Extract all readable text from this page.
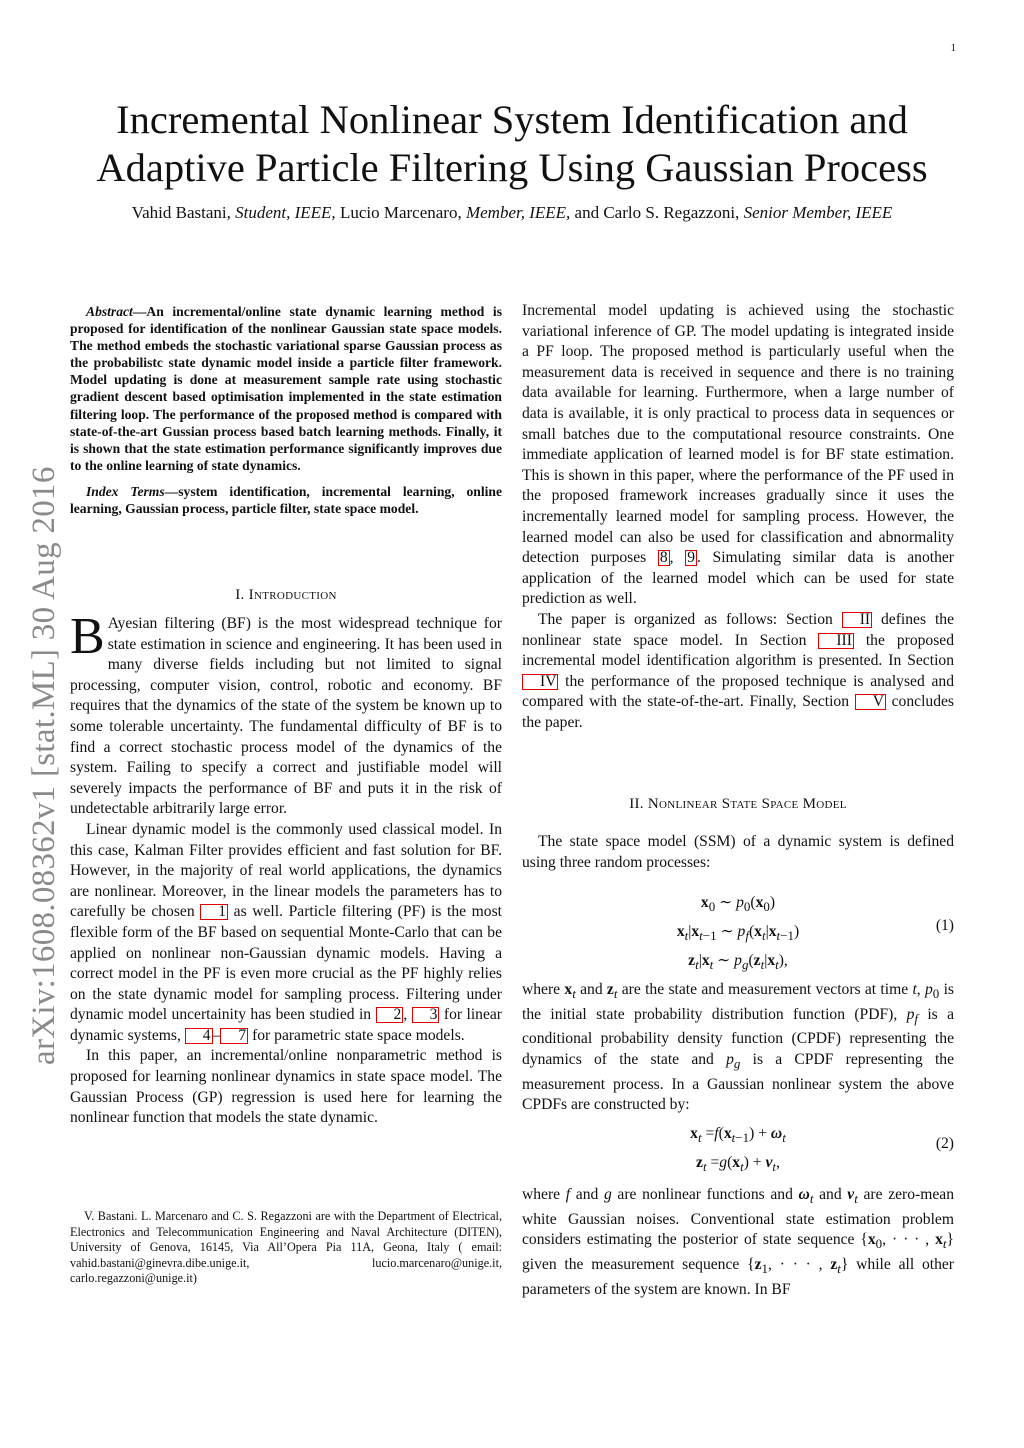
1
Incremental Nonlinear System Identification and
Adaptive Particle Filtering Using Gaussian Process
Vahid Bastani, Student, IEEE, Lucio Marcenaro, Member, IEEE, and Carlo S. Regazzoni, Senior Member, IEEE
arXiv:1608.08362v1 [stat.ML] 30 Aug 2016

Abstract—An incremental/online state dynamic learning method is proposed for identification of the nonlinear Gaussian state space models. The method embeds the stochastic variational sparse Gaussian process as the probabilistc state dynamic model inside a particle filter framework. Model updating is done at measurement sample rate using stochastic gradient descent based optimisation implemented in the state estimation filtering loop. The performance of the proposed method is compared with state-of-the-art Gussian process based batch learning methods. Finally, it is shown that the state estimation performance significantly improves due to the online learning of state dynamics.

Index Terms—system identification, incremental learning, online learning, Gaussian process, particle filter, state space model.

I. Introduction

B Ayesian filtering (BF) is the most widespread technique for state estimation in science and engineering. It has been used in many diverse fields including but not limited to signal processing, computer vision, control, robotic and economy. BF requires that the dynamics of the state of the system be known up to some tolerable uncertainty. The fundamental difficulty of BF is to find a correct stochastic process model of the dynamics of the system. Failing to specify a correct and justifiable model will severely impacts the performance of BF and puts it in the risk of undetectable arbitrarily large error.

Linear dynamic model is the commonly used classical model. In this case, Kalman Filter provides efficient and fast solution for BF. However, in the majority of real world applications, the dynamics are nonlinear. Moreover, in the linear models the parameters has to carefully be chosen 1 as well. Particle filtering (PF) is the most flexible form of the BF based on sequential Monte-Carlo that can be applied on nonlinear non-Gaussian dynamic models. Having a correct model in the PF is even more crucial as the PF highly relies on the state dynamic model for sampling process. Filtering under dynamic model uncertainity has been studied in 2 , 3 for linear dynamic systems, 4 – 7 for parametric state space models.

In this paper, an incremental/online nonparametric method is proposed for learning nonlinear dynamics in state space model. The Gaussian Process (GP) regression is used here for learning the nonlinear function that models the state dynamic.

V. Bastani. L. Marcenaro and C. S. Regazzoni are with the Department of Electrical, Electronics and Telecommunication Engineering and Naval Architecture (DITEN), University of Genova, 16145, Via All’Opera Pia 11A, Geona, Italy ( email: vahid.bastani@ginevra.dibe.unige.it, lucio.marcenaro@unige.it, carlo.regazzoni@unige.it)

Incremental model updating is achieved using the stochastic variational inference of GP. The model updating is integrated inside a PF loop. The proposed method is particularly useful when the measurement data is received in sequence and there is no training data available for learning. Furthermore, when a large number of data is available, it is only practical to process data in sequences or small batches due to the computational resource constraints. One immediate application of learned model is for BF state estimation. This is shown in this paper, where the performance of the PF used in the proposed framework increases gradually since it uses the incrementally learned model for sampling process. However, the learned model can also be used for classification and abnormality detection purposes 8 , 9 . Simulating similar data is another application of the learned model which can be used for state prediction as well.

The paper is organized as follows: Section II defines the nonlinear state space model. In Section III the proposed incremental model identification algorithm is presented. In Section IV the performance of the proposed technique is analysed and compared with the state-of-the-art. Finally, Section V concludes the paper.

II. Nonlinear State Space Model

The state space model (SSM) of a dynamic system is defined using three random processes:

$x_0$ ∼ $p_0(x_0)$
$x_t|x_{t-1}$ ∼ $p_f(x_t|x_{t-1})$
$z_t|x_t$ ∼ $p_g(z_t|x_t)$,
(1)

where $x_t$ and $z_t$ are the state and measurement vectors at time t, $p_0$ is the initial state probability distribution function (PDF), $p_f$ is a conditional probability density function (CPDF) representing the dynamics of the state and $p_g$ is a CPDF representing the measurement process. In a Gaussian nonlinear system the above CPDFs are constructed by:

$x_t =f(x_{t-1}) + \omega_t$
$z_t =g(x_t) + \nu_t$,
(2)

where f and g are nonlinear functions and $\omega_t$ and $\nu_t$ are zero-mean white Gaussian noises. Conventional state estimation problem considers estimating the posterior of state sequence {$x_0$, · · · , $x_t$} given the measurement sequence {$z_1$, · · · , $z_t$} while all other parameters of the system are known. In BF
